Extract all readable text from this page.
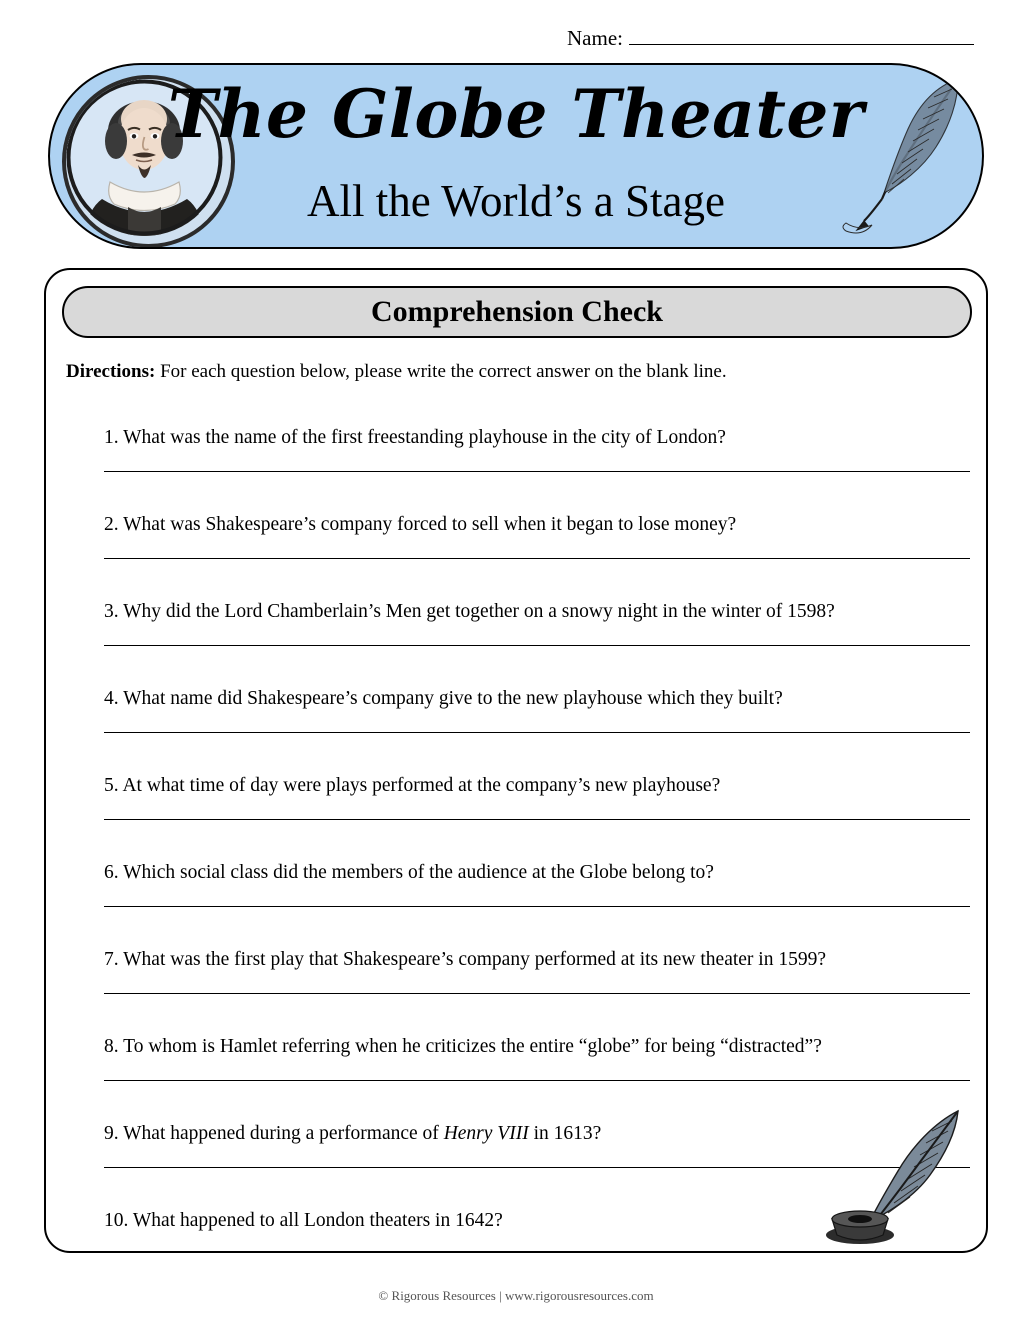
Name:
The Globe Theater
All the World’s a Stage
Comprehension Check
Directions: For each question below, please write the correct answer on the blank line.
1. What was the name of the first freestanding playhouse in the city of London?
2. What was Shakespeare’s company forced to sell when it began to lose money?
3. Why did the Lord Chamberlain’s Men get together on a snowy night in the winter of 1598?
4. What name did Shakespeare’s company give to the new playhouse which they built?
5. At what time of day were plays performed at the company’s new playhouse?
6. Which social class did the members of the audience at the Globe belong to?
7. What was the first play that Shakespeare’s company performed at its new theater in 1599?
8. To whom is Hamlet referring when he criticizes the entire “globe” for being “distracted”?
9. What happened during a performance of Henry VIII in 1613?
10. What happened to all London theaters in 1642?
© Rigorous Resources | www.rigorousresources.com
